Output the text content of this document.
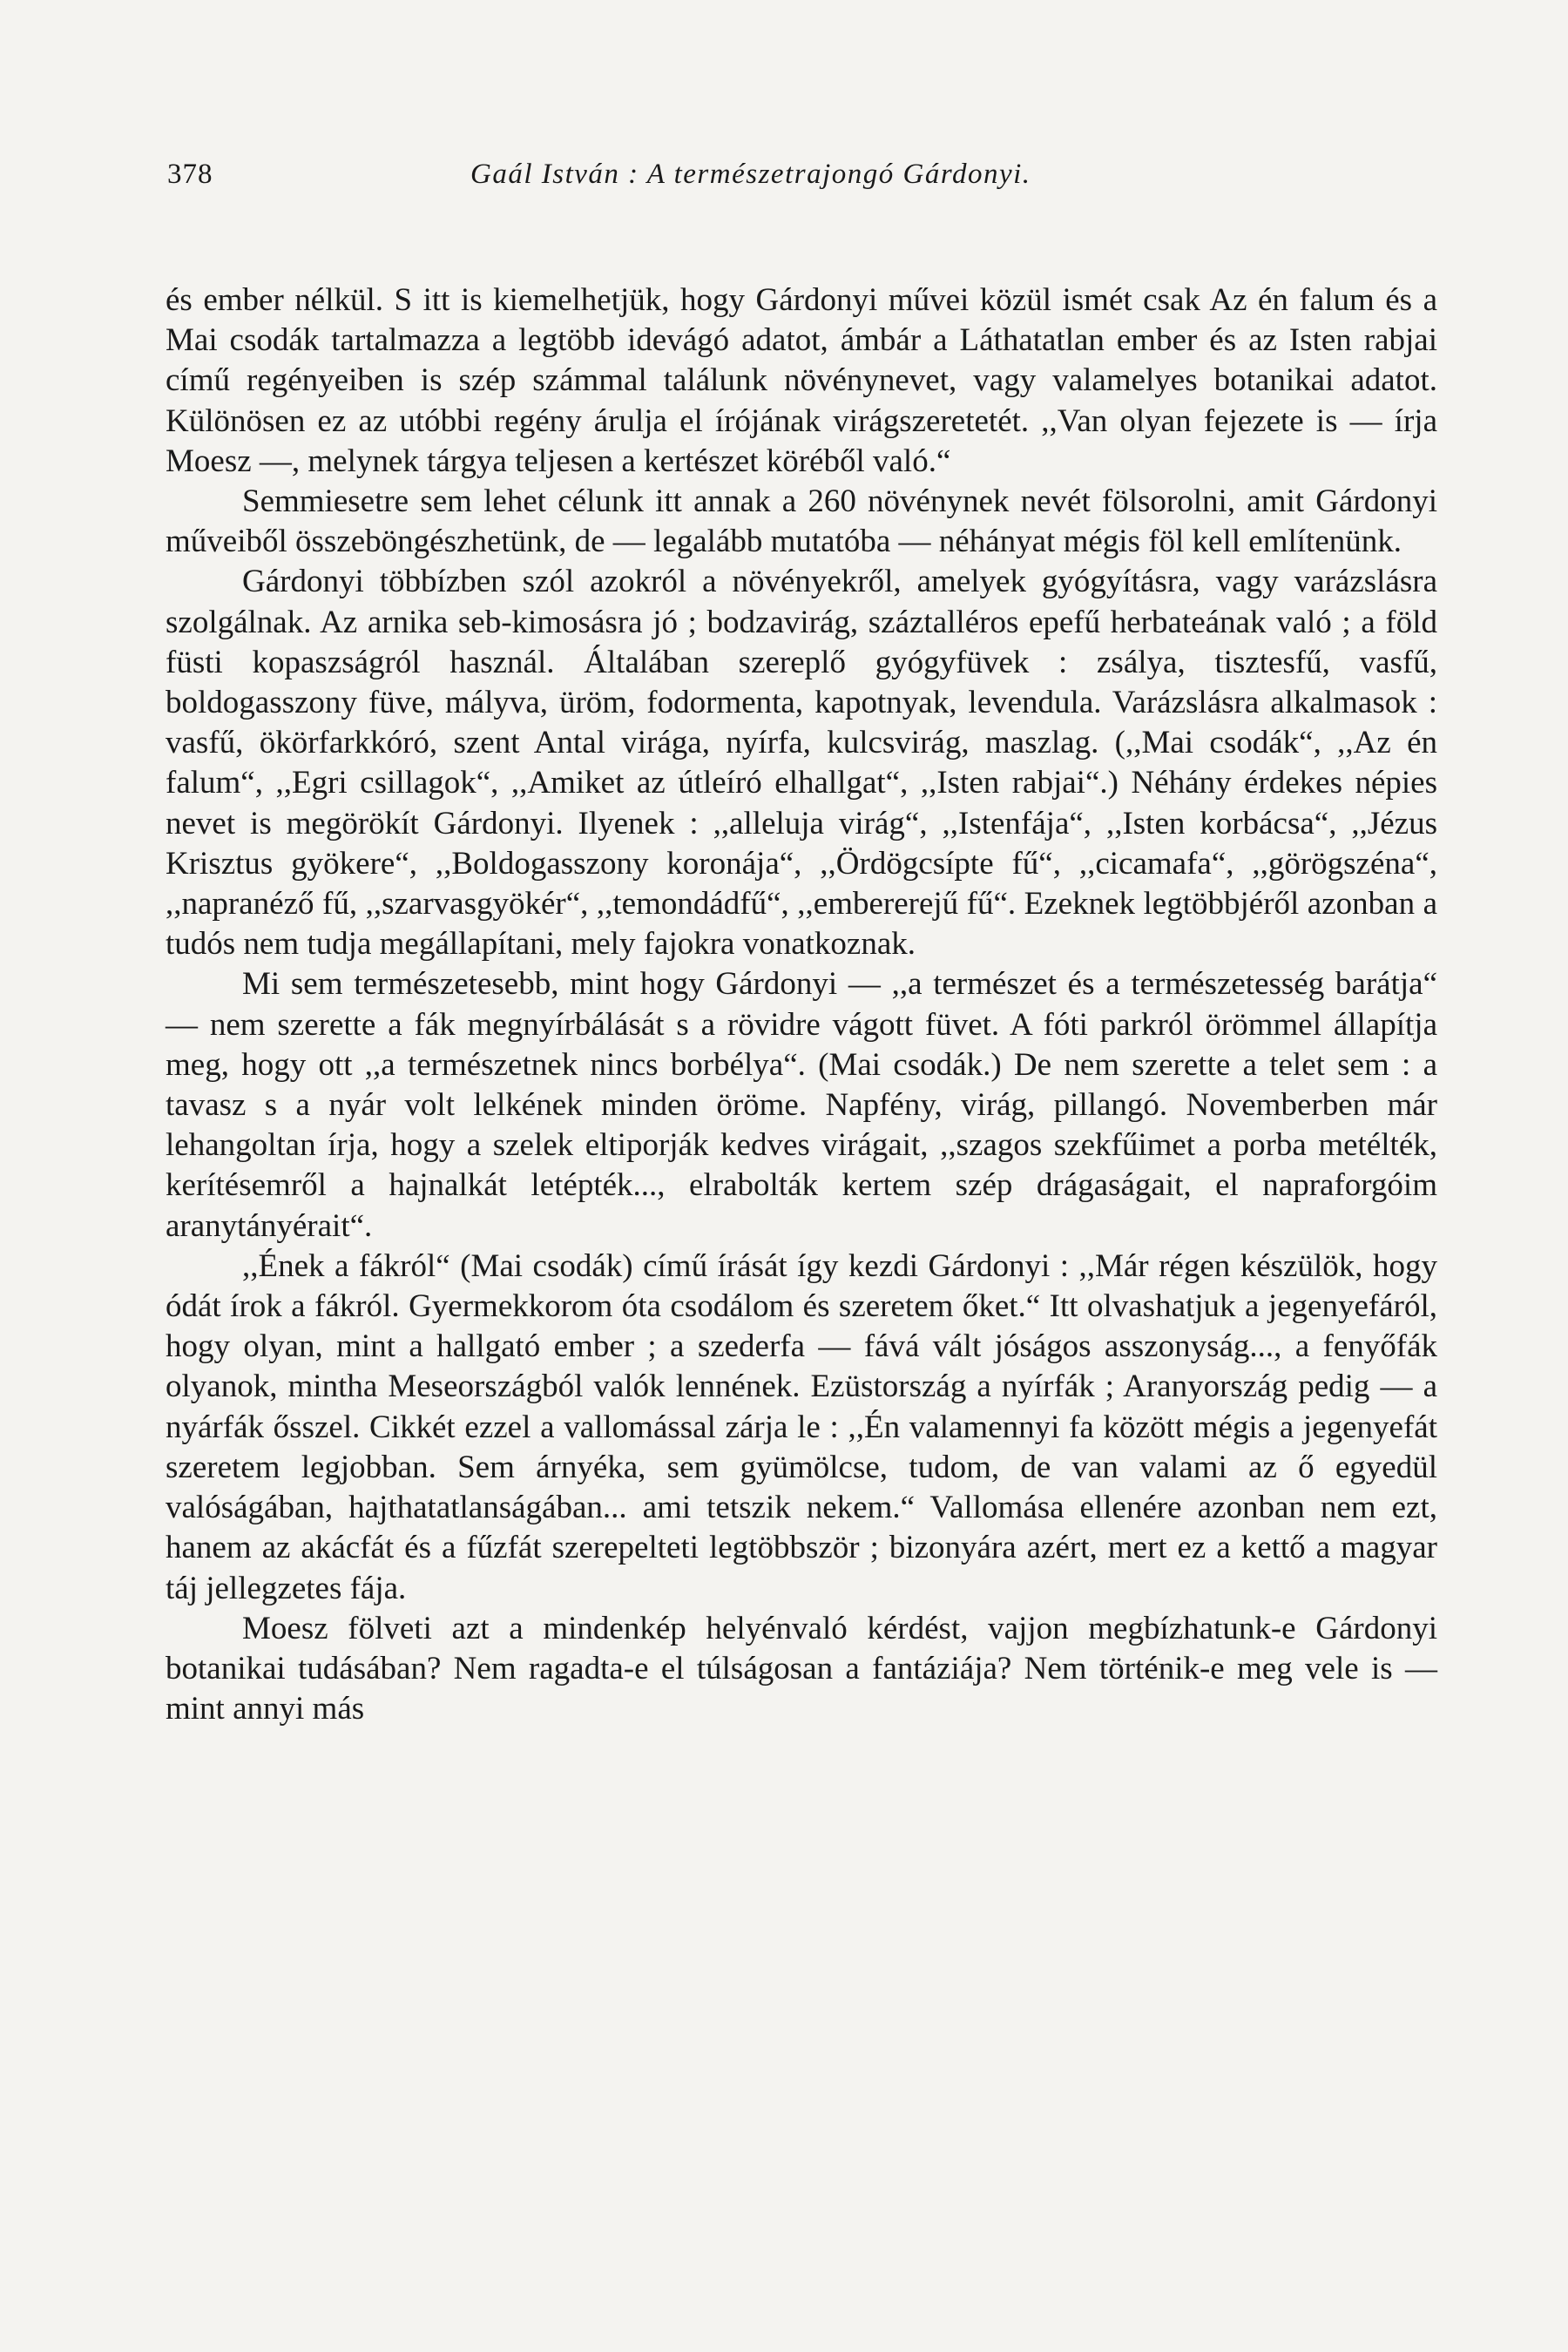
378	Gaál István : A természetrajongó Gárdonyi.

és ember nélkül. S itt is kiemelhetjük, hogy Gárdonyi művei közül ismét csak Az én falum és a Mai csodák tartalmazza a legtöbb idevágó adatot, ámbár a Láthatatlan ember és az Isten rabjai című regényeiben is szép számmal találunk növénynevet, vagy valamelyes botanikai adatot. Különösen ez az utóbbi regény árulja el írójának virágszeretetét. ,,Van olyan fejezete is — írja Moesz —, melynek tárgya teljesen a kertészet köréből való.“

Semmiesetre sem lehet célunk itt annak a 260 növénynek nevét fölsorolni, amit Gárdonyi műveiből összeböngészhetünk, de — legalább mutatóba — néhányat mégis föl kell említenünk.

Gárdonyi többízben szól azokról a növényekről, amelyek gyógyításra, vagy varázslásra szolgálnak. Az arnika seb-kimosásra jó ; bodzavirág, száztalléros epefű herbateának való ; a föld füsti kopaszságról használ. Általában szereplő gyógyfüvek : zsálya, tisztesfű, vasfű, boldogasszony füve, mályva, üröm, fodormenta, kapotnyak, levendula. Varázslásra alkalmasok : vasfű, ökörfarkkóró, szent Antal virága, nyírfa, kulcsvirág, maszlag. (,,Mai csodák“, ,,Az én falum“, ,,Egri csillagok“, ,,Amiket az útleíró elhallgat“, ,,Isten rabjai“.) Néhány érdekes népies nevet is megörökít Gárdonyi. Ilyenek : ,,alleluja virág“, ,,Istenfája“, ,,Isten korbácsa“, ,,Jézus Krisztus gyökere“, ,,Boldogasszony koronája“, ,,Ördögcsípte fű“, ,,cicamafa“, ,,görögszéna“, ,,napranéző fű, ,,szarvasgyökér“, ,,temondádfű“, ,,embererejű fű“. Ezeknek legtöbbjéről azonban a tudós nem tudja megállapítani, mely fajokra vonatkoznak.

Mi sem természetesebb, mint hogy Gárdonyi — ,,a természet és a természetesség barátja“ — nem szerette a fák megnyírbálását s a rövidre vágott füvet. A fóti parkról örömmel állapítja meg, hogy ott ,,a természetnek nincs borbélya“. (Mai csodák.) De nem szerette a telet sem : a tavasz s a nyár volt lelkének minden öröme. Napfény, virág, pillangó. Novemberben már lehangoltan írja, hogy a szelek eltiporják kedves virágait, ,,szagos szekfűimet a porba metélték, kerítésemről a hajnalkát letépték..., elrabolták kertem szép drágaságait, el napraforgóim aranytányérait“.

,,Ének a fákról“ (Mai csodák) című írását így kezdi Gárdonyi : ,,Már régen készülök, hogy ódát írok a fákról. Gyermekkorom óta csodálom és szeretem őket.“ Itt olvashatjuk a jegenyefáról, hogy olyan, mint a hallgató ember ; a szederfa — fává vált jóságos asszonyság..., a fenyőfák olyanok, mintha Meseországból valók lennének. Ezüstország a nyírfák ; Aranyország pedig — a nyárfák ősszel. Cikkét ezzel a vallomással zárja le : ,,Én valamennyi fa között mégis a jegenyefát szeretem legjobban. Sem árnyéka, sem gyümölcse, tudom, de van valami az ő egyedül valóságában, hajthatatlanságában... ami tetszik nekem.“ Vallomása ellenére azonban nem ezt, hanem az akácfát és a fűzfát szerepelteti legtöbbször ; bizonyára azért, mert ez a kettő a magyar táj jellegzetes fája.

Moesz fölveti azt a mindenkép helyénvaló kérdést, vajjon megbízhatunk-e Gárdonyi botanikai tudásában? Nem ragadta-e el túlságosan a fantáziája? Nem történik-e meg vele is — mint annyi más
